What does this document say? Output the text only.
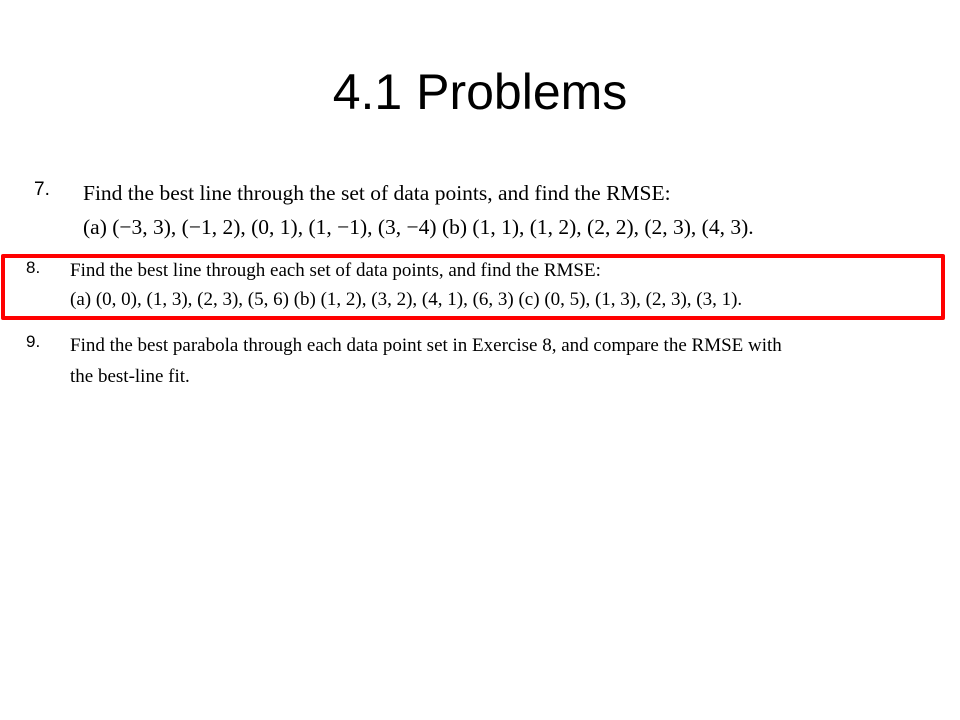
4.1 Problems
7. Find the best line through the set of data points, and find the RMSE:
(a) (−3, 3), (−1, 2), (0, 1), (1, −1), (3, −4) (b) (1, 1), (1, 2), (2, 2), (2, 3), (4, 3).
8. Find the best line through each set of data points, and find the RMSE:
(a) (0, 0), (1, 3), (2, 3), (5, 6) (b) (1, 2), (3, 2), (4, 1), (6, 3) (c) (0, 5), (1, 3), (2, 3), (3, 1).
9. Find the best parabola through each data point set in Exercise 8, and compare the RMSE with
the best-line fit.
